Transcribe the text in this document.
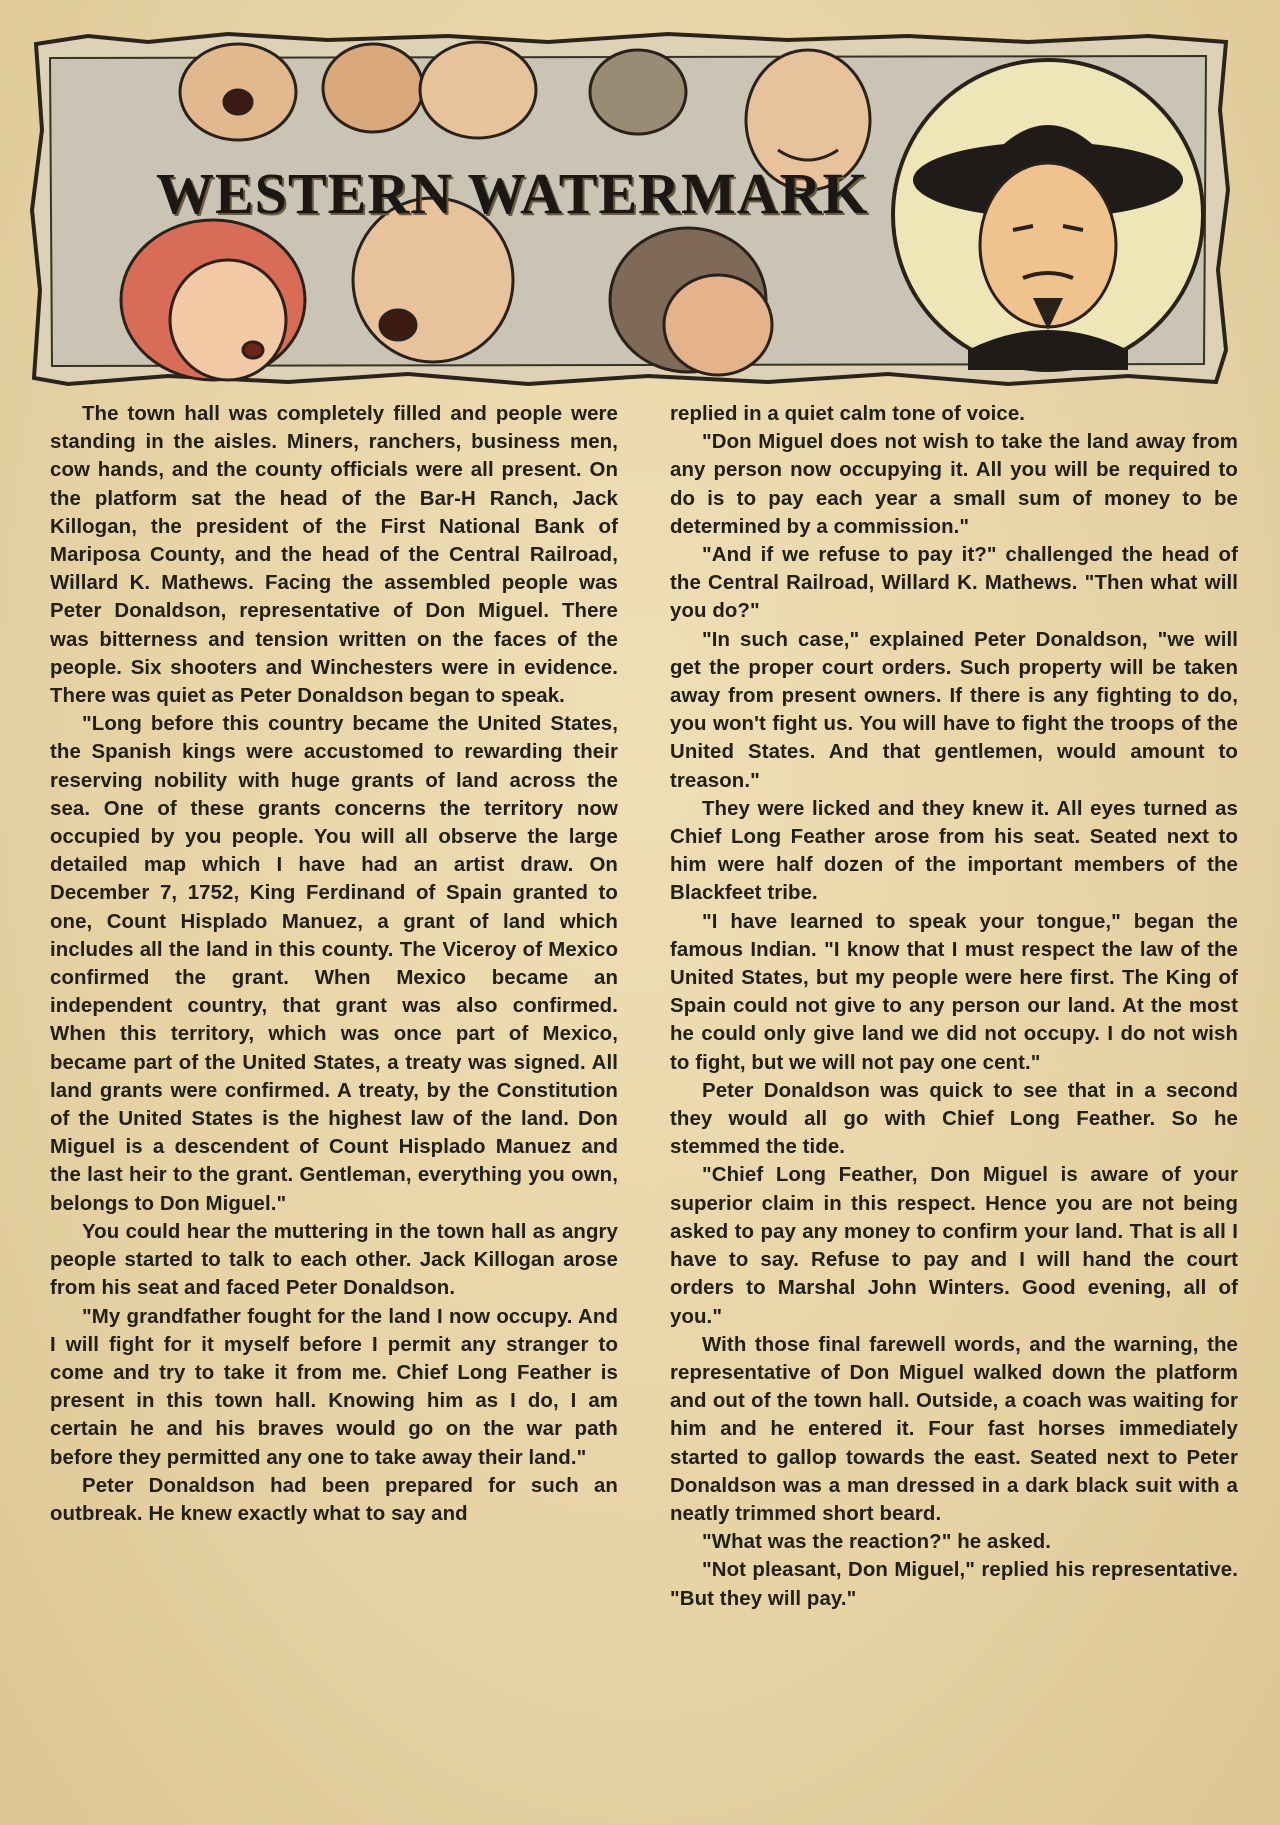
WESTERN WATERMARK

The town hall was completely filled and people were standing in the aisles. Miners, ranchers, business men, cow hands, and the county officials were all present. On the platform sat the head of the Bar-H Ranch, Jack Killogan, the president of the First National Bank of Mariposa County, and the head of the Central Railroad, Willard K. Mathews. Facing the assembled people was Peter Donaldson, representative of Don Miguel. There was bitterness and tension written on the faces of the people. Six shooters and Winchesters were in evidence. There was quiet as Peter Donaldson began to speak.

"Long before this country became the United States, the Spanish kings were accustomed to rewarding their reserving nobility with huge grants of land across the sea. One of these grants concerns the territory now occupied by you people. You will all observe the large detailed map which I have had an artist draw. On December 7, 1752, King Ferdinand of Spain granted to one, Count Hisplado Manuez, a grant of land which includes all the land in this county. The Viceroy of Mexico confirmed the grant. When Mexico became an independent country, that grant was also confirmed. When this territory, which was once part of Mexico, became part of the United States, a treaty was signed. All land grants were confirmed. A treaty, by the Constitution of the United States is the highest law of the land. Don Miguel is a descendent of Count Hisplado Manuez and the last heir to the grant. Gentleman, everything you own, belongs to Don Miguel."

You could hear the muttering in the town hall as angry people started to talk to each other. Jack Killogan arose from his seat and faced Peter Donaldson.

"My grandfather fought for the land I now occupy. And I will fight for it myself before I permit any stranger to come and try to take it from me. Chief Long Feather is present in this town hall. Knowing him as I do, I am certain he and his braves would go on the war path before they permitted any one to take away their land."

Peter Donaldson had been prepared for such an outbreak. He knew exactly what to say and

replied in a quiet calm tone of voice.

"Don Miguel does not wish to take the land away from any person now occupying it. All you will be required to do is to pay each year a small sum of money to be determined by a commission."

"And if we refuse to pay it?" challenged the head of the Central Railroad, Willard K. Mathews. "Then what will you do?"

"In such case," explained Peter Donaldson, "we will get the proper court orders. Such property will be taken away from present owners. If there is any fighting to do, you won't fight us. You will have to fight the troops of the United States. And that gentlemen, would amount to treason."

They were licked and they knew it. All eyes turned as Chief Long Feather arose from his seat. Seated next to him were half dozen of the important members of the Blackfeet tribe.

"I have learned to speak your tongue," began the famous Indian. "I know that I must respect the law of the United States, but my people were here first. The King of Spain could not give to any person our land. At the most he could only give land we did not occupy. I do not wish to fight, but we will not pay one cent."

Peter Donaldson was quick to see that in a second they would all go with Chief Long Feather. So he stemmed the tide.

"Chief Long Feather, Don Miguel is aware of your superior claim in this respect. Hence you are not being asked to pay any money to confirm your land. That is all I have to say. Refuse to pay and I will hand the court orders to Marshal John Winters. Good evening, all of you."

With those final farewell words, and the warning, the representative of Don Miguel walked down the platform and out of the town hall. Outside, a coach was waiting for him and he entered it. Four fast horses immediately started to gallop towards the east. Seated next to Peter Donaldson was a man dressed in a dark black suit with a neatly trimmed short beard.

"What was the reaction?" he asked.

"Not pleasant, Don Miguel," replied his representative. "But they will pay."
